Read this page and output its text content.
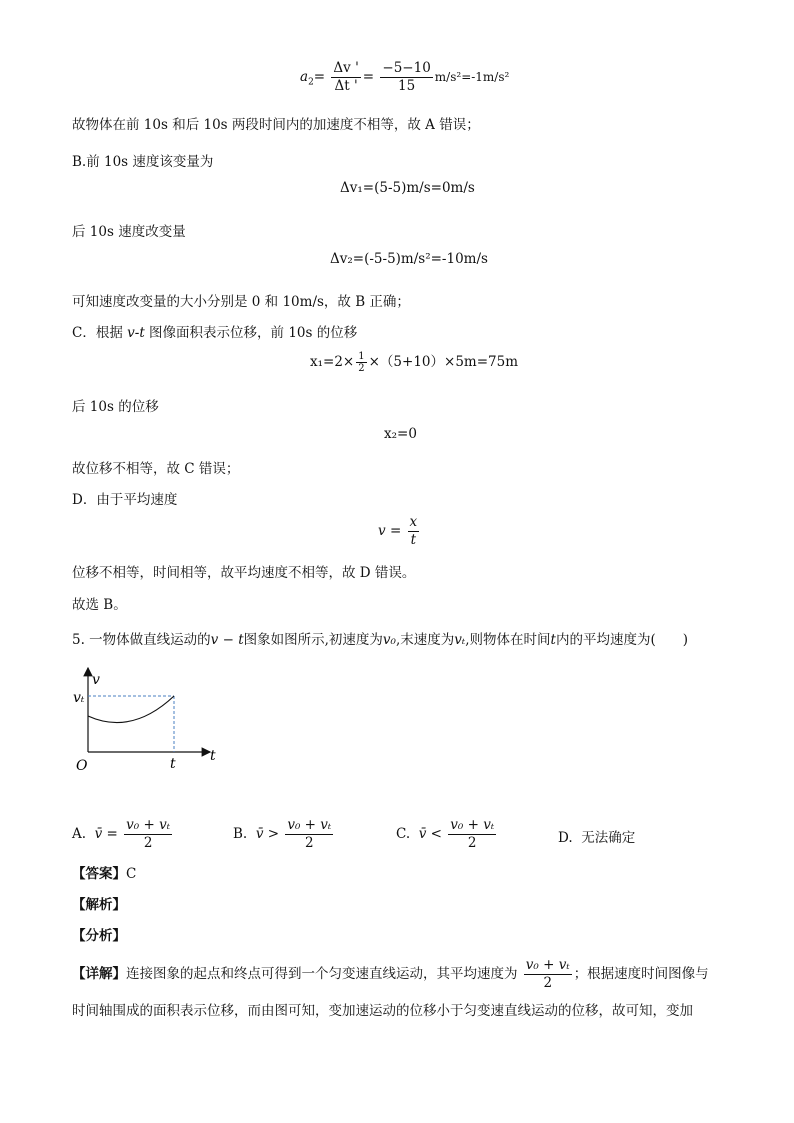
$a_2= \frac{\Delta v '}{\Delta t '} = \frac{-5-10}{15} m/s^2=-1m/s^2$
故物体在前 10s 和后 10s 两段时间内的加速度不相等，故 A 错误；
B.前 10s 速度该变量为
Δv₁=(5-5)m/s=0m/s
后 10s 速度改变量
Δv₂=(-5-5)m/s²=-10m/s
可知速度改变量的大小分别是 0 和 10m/s，故 B 正确；
C．根据 v-t 图像面积表示位移，前 10s 的位移
$x_1=2\times \frac{1}{2} \times(5+10)\times 5m=75m$
后 10s 的位移
x₂=0
故位移不相等，故 C 错误；
D．由于平均速度
$v = \frac{x}{t}$
位移不相等，时间相等，故平均速度不相等，故 D 错误。
故选 B。
5. 一物体做直线运动的v − t图象如图所示,初速度为v₀,末速度为vₜ,则物体在时间t内的平均速度为(　　)
v
t
O
vₜ
t
A. v̄ = $\frac{\text{v₀ + vₜ}}{2}$	B. v̄ > $\frac{\text{v₀ + vₜ}}{2}$	C. v̄ < $\frac{\text{v₀ + vₜ}}{2}$	D. 无法确定
【答案】C
【解析】
【分析】
【详解】连接图象的起点和终点可得到一个匀变速直线运动，其平均速度为 $\frac{\text{v₀ + vₜ}}{2}$ ；根据速度时间图像与
时间轴围成的面积表示位移，而由图可知，变加速运动的位移小于匀变速直线运动的位移，故可知，变加
